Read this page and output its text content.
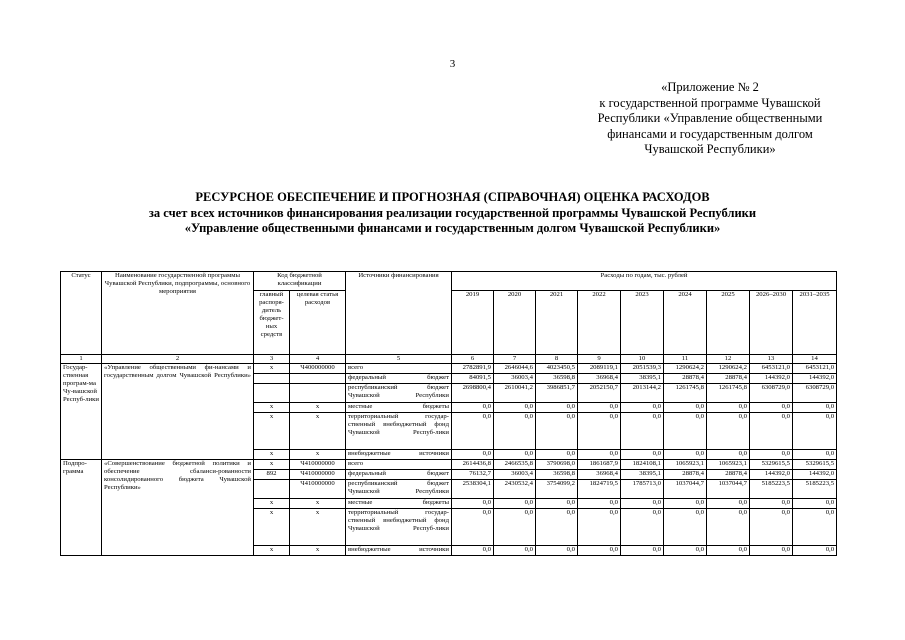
3
«Приложение № 2
к государственной программе Чувашской
Республики «Управление общественными
финансами и государственным долгом
Чувашской Республики»
РЕСУРСНОЕ ОБЕСПЕЧЕНИЕ И ПРОГНОЗНАЯ (СПРАВОЧНАЯ) ОЦЕНКА РАСХОДОВ
за счет всех источников финансирования реализации государственной программы Чувашской Республики
«Управление общественными финансами и государственным долгом Чувашской Республики»
Статус	Наименование государственной программы Чувашской Республики, подпрограммы, основного мероприятия	Код бюджетной классификации		Источники финансирования	Расходы по годам, тыс. рублей								
		главный распоря-дитель бюджет-ных средств	целевая статья расходов		2019	2020	2021	2022	2023	2024	2025	2026–2030	2031–2035
1	2	3	4	5	6	7	8	9	10	11	12	13	14
Государ-ственная програм-ма Чу-вашской Респуб-лики	«Управление общественными фи-нансами и государственным долгом Чувашской Республики»	x	Ч400000000	всего	2782891,9	2646044,6	4023450,5	2089119,1	2051539,3	1290624,2	1290624,2	6453121,0	6453121,0
				федеральный бюджет	84091,5	36003,4	36598,8	36968,4	38395,1	28878,4	28878,4	144392,0	144392,0
				республиканский бюджет Чувашской Республики	2698800,4	2610041,2	3986851,7	2052150,7	2013144,2	1261745,8	1261745,8	6308729,0	6308729,0
		x	x	местные бюджеты	0,0	0,0	0,0	0,0	0,0	0,0	0,0	0,0	0,0
		x	x	территориальный государ-ственный внебюджетный фонд Чувашской Респуб-лики	0,0	0,0	0,0	0,0	0,0	0,0	0,0	0,0	0,0
		x	x	внебюджетные источники	0,0	0,0	0,0	0,0	0,0	0,0	0,0	0,0	0,0
Подпро-грамма	«Совершенствование бюджетной политики и обеспечение сбаланси-рованности консолидированного бюджета Чувашской Республики»	x	Ч410000000	всего	2614436,8	2466535,8	3790698,0	1861687,9	1824108,1	1065923,1	1065923,1	5329615,5	5329615,5
		892	Ч410000000	федеральный бюджет	76132,7	36003,4	36598,8	36968,4	38395,1	28878,4	28878,4	144392,0	144392,0
			Ч410000000	республиканский бюджет Чувашской Республики	2538304,1	2430532,4	3754099,2	1824719,5	1785713,0	1037044,7	1037044,7	5185223,5	5185223,5
		x	x	местные бюджеты	0,0	0,0	0,0	0,0	0,0	0,0	0,0	0,0	0,0
		x	x	территориальный государ-ственный внебюджетный фонд Чувашской Респуб-лики	0,0	0,0	0,0	0,0	0,0	0,0	0,0	0,0	0,0
		x	x	внебюджетные источники	0,0	0,0	0,0	0,0	0,0	0,0	0,0	0,0	0,0
